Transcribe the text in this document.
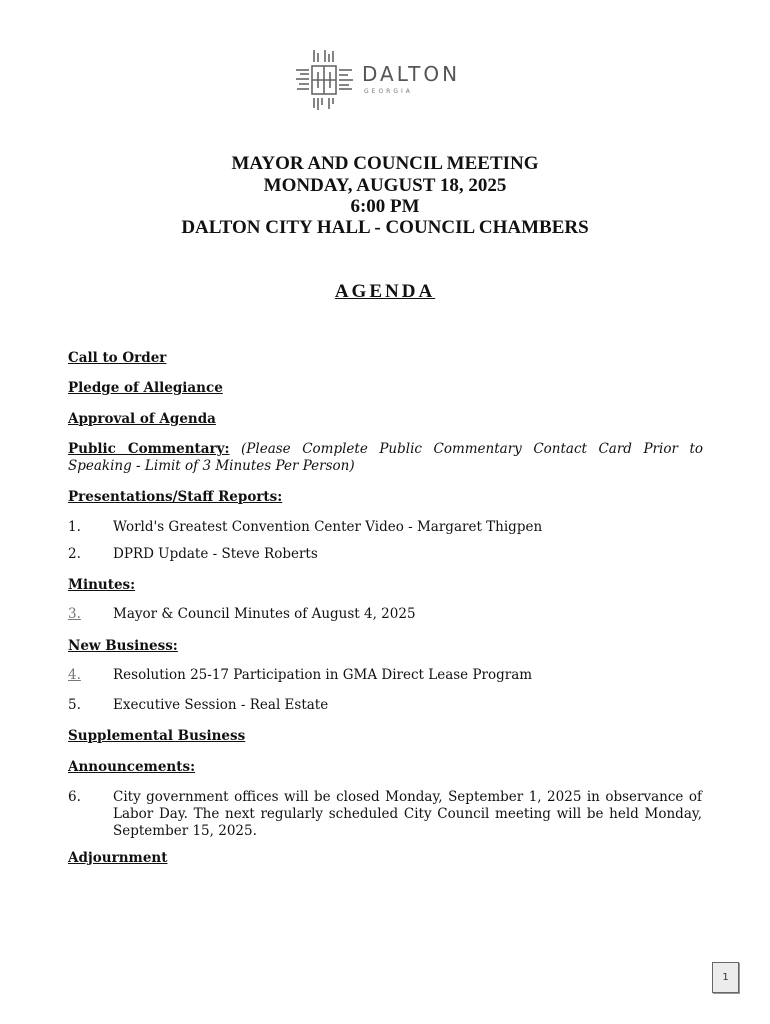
DALTON
GEORGIA
MAYOR AND COUNCIL MEETING
MONDAY, AUGUST 18, 2025
6:00 PM
DALTON CITY HALL - COUNCIL CHAMBERS
AGENDA
Call to Order
Pledge of Allegiance
Approval of Agenda
Public Commentary: (Please Complete Public Commentary Contact Card Prior to Speaking - Limit of 3 Minutes Per Person)
Presentations/Staff Reports:
1. World's Greatest Convention Center Video - Margaret Thigpen
2. DPRD Update - Steve Roberts
Minutes:
3. Mayor & Council Minutes of August 4, 2025
New Business:
4. Resolution 25-17 Participation in GMA Direct Lease Program
5. Executive Session - Real Estate
Supplemental Business
Announcements:
6. City government offices will be closed Monday, September 1, 2025 in observance of Labor Day. The next regularly scheduled City Council meeting will be held Monday, September 15, 2025.
Adjournment
1
